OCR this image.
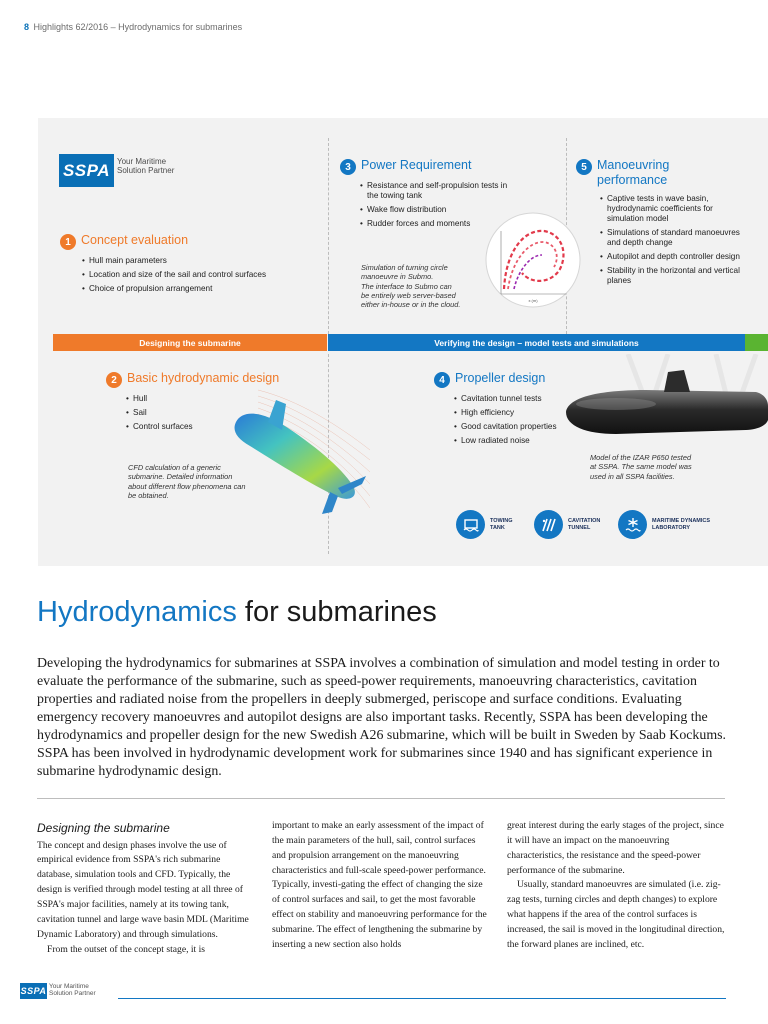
8 Highlights 62/2016 – Hydrodynamics for submarines
SSPA Your Maritime
Solution Partner
1 Concept evaluation
• Hull main parameters
• Location and size of the sail and control surfaces
• Choice of propulsion arrangement
3 Power Requirement
• Resistance and self-propulsion tests in the towing tank
• Wake flow distribution
• Rudder forces and moments
Simulation of turning circle
manoeuvre in Submo.
The interface to Submo can
be entirely web server-based
either in-house or in the cloud.	x (m)
5 Manoeuvring
performance
• Captive tests in wave basin, hydrodynamic coefficients for simulation model
• Simulations of standard manoeuvres and depth change
• Autopilot and depth controller design
• Stability in the horizontal and vertical planes
Designing the submarine	Verifying the design – model tests and simulations
2 Basic hydrodynamic design
• Hull
• Sail
• Control surfaces
CFD calculation of a generic
submarine. Detailed information
about different flow phenomena can
be obtained.
4 Propeller design
• Cavitation tunnel tests
• High efficiency
• Good cavitation properties
• Low radiated noise
Model of the IZAR P650 tested
at SSPA. The same model was
used in all SSPA facilities.
TOWING
TANK
CAVITATION
TUNNEL
MARITIME DYNAMICS
LABORATORY
Hydrodynamics for submarines
Developing the hydrodynamics for submarines at SSPA involves a combination of simulation and model testing in order to evaluate the performance of the submarine, such as speed-power requirements, manoeuvring characteristics, cavitation properties and radiated noise from the propellers in deeply submerged, periscope and surface conditions. Evaluating emergency recovery manoeuvres and autopilot designs are also important tasks. Recently, SSPA has been developing the hydrodynamics and propeller design for the new Swedish A26 submarine, which will be built in Sweden by Saab Kockums. SSPA has been involved in hydrodynamic development work for submarines since 1940 and has significant experience in submarine hydrodynamic design.
Designing the submarine

The concept and design phases involve the use of empirical evidence from SSPA's rich submarine database, simulation tools and CFD. Typically, the design is verified through model testing at all three of SSPA's major facilities, namely at its towing tank, cavitation tunnel and large wave basin MDL (Maritime Dynamic Laboratory) and through simulations.

From the outset of the concept stage, it is

important to make an early assessment of the impact of the main parameters of the hull, sail, control surfaces and propulsion arrangement on the manoeuvring characteristics and full-scale speed-power performance. Typically, investi-gating the effect of changing the size of control surfaces and sail, to get the most favorable effect on stability and manoeuvring performance for the submarine. The effect of lengthening the submarine by inserting a new section also holds

great interest during the early stages of the project, since it will have an impact on the manoeuvring characteristics, the resistance and the speed-power performance of the submarine.

Usually, standard manoeuvres are simulated (i.e. zig-zag tests, turning circles and depth changes) to explore what happens if the area of the control surfaces is increased, the sail is moved in the longitudinal direction, the forward planes are inclined, etc.

SSPA Your Maritime
Solution Partner
